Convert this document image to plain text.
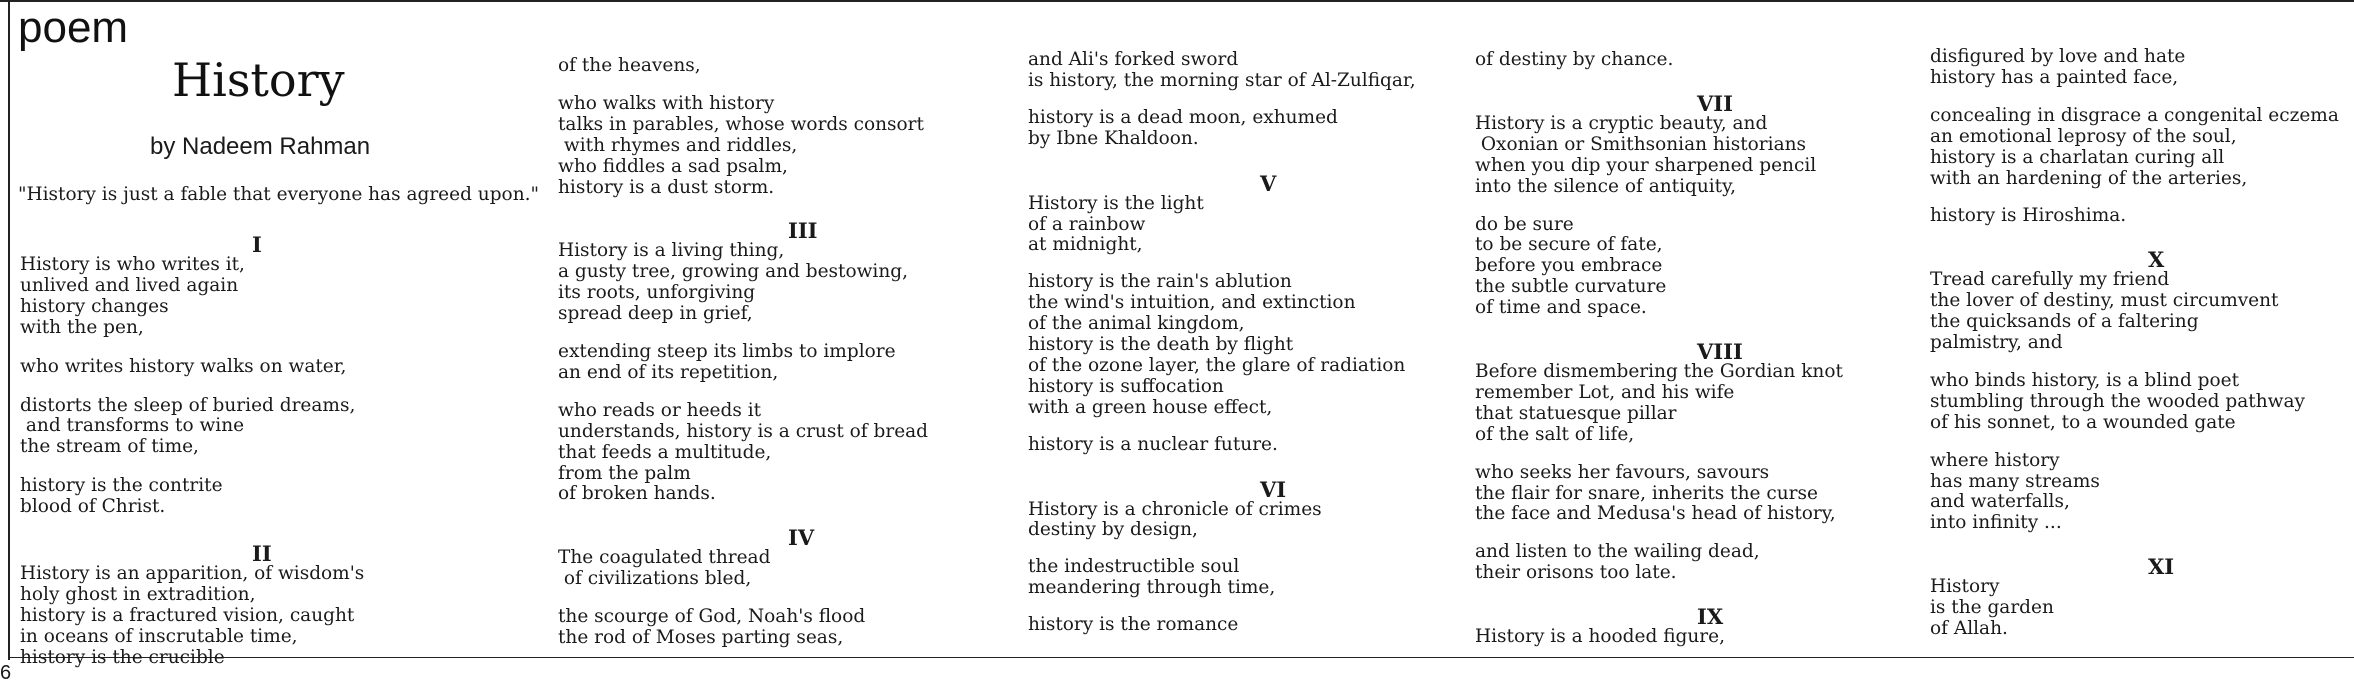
poem
History
by Nadeem Rahman
"History is just a fable that everyone has agreed upon."
I
History is who writes it,
unlived and lived again
history changes
with the pen,
who writes history walks on water,
distorts the sleep of buried dreams,
and transforms to wine
the stream of time,
history is the contrite
blood of Christ.
II
History is an apparition, of wisdom's
holy ghost in extradition,
history is a fractured vision, caught
in oceans of inscrutable time,
history is the crucible
of the heavens,
who walks with history
talks in parables, whose words consort
with rhymes and riddles,
who fiddles a sad psalm,
history is a dust storm.
III
History is a living thing,
a gusty tree, growing and bestowing,
its roots, unforgiving
spread deep in grief,
extending steep its limbs to implore
an end of its repetition,
who reads or heeds it
understands, history is a crust of bread
that feeds a multitude,
from the palm
of broken hands.
IV
The coagulated thread
of civilizations bled,
the scourge of God, Noah's flood
the rod of Moses parting seas,
and Ali's forked sword
is history, the morning star of Al-Zulfiqar,
history is a dead moon, exhumed
by Ibne Khaldoon.
V
History is the light
of a rainbow
at midnight,
history is the rain's ablution
the wind's intuition, and extinction
of the animal kingdom,
history is the death by flight
of the ozone layer, the glare of radiation
history is suffocation
with a green house effect,
history is a nuclear future.
VI
History is a chronicle of crimes
destiny by design,
the indestructible soul
meandering through time,
history is the romance
of destiny by chance.
VII
History is a cryptic beauty, and
Oxonian or Smithsonian historians
when you dip your sharpened pencil
into the silence of antiquity,
do be sure
to be secure of fate,
before you embrace
the subtle curvature
of time and space.
VIII
Before dismembering the Gordian knot
remember Lot, and his wife
that statuesque pillar
of the salt of life,
who seeks her favours, savours
the flair for snare, inherits the curse
the face and Medusa's head of history,
and listen to the wailing dead,
their orisons too late.
IX
History is a hooded figure,
disfigured by love and hate
history has a painted face,
concealing in disgrace a congenital eczema
an emotional leprosy of the soul,
history is a charlatan curing all
with an hardening of the arteries,
history is Hiroshima.
X
Tread carefully my friend
the lover of destiny, must circumvent
the quicksands of a faltering
palmistry, and
who binds history, is a blind poet
stumbling through the wooded pathway
of his sonnet, to a wounded gate
where history
has many streams
and waterfalls,
into infinity ...
XI
History
is the garden
of Allah.
6
